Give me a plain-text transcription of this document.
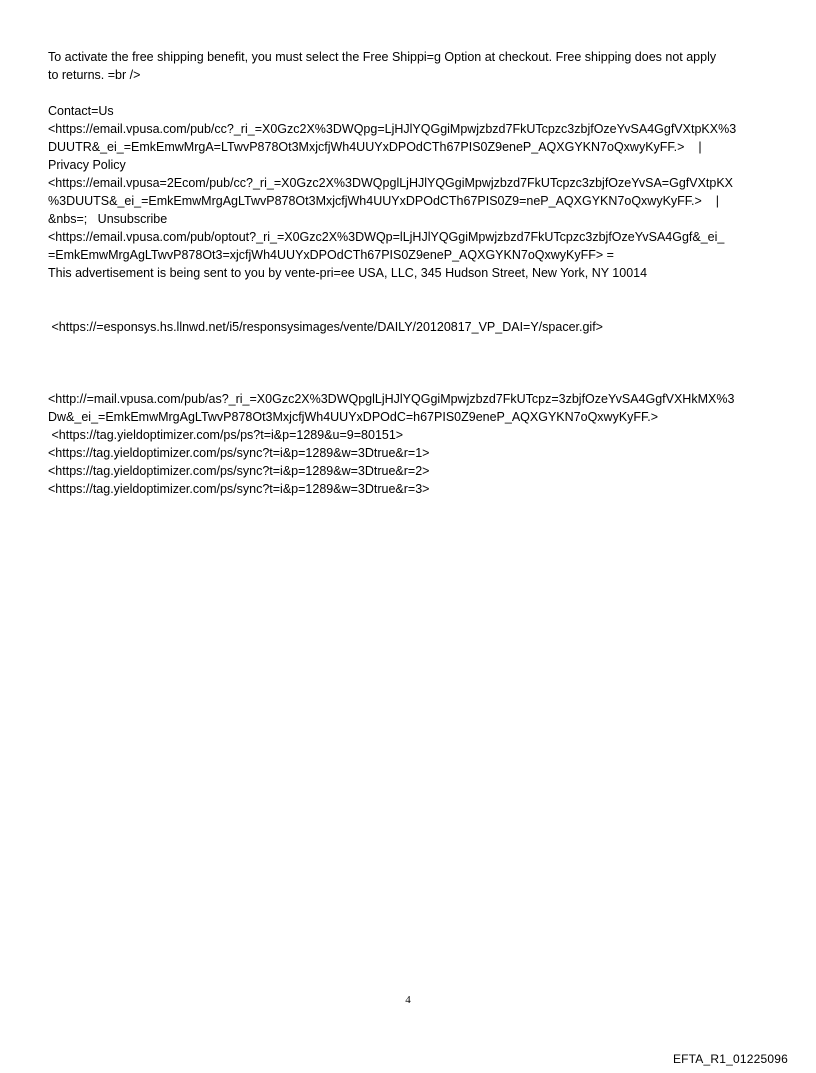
To activate the free shipping benefit, you must select the Free Shippi=g Option at checkout. Free shipping does not apply
to returns. =br />
Contact=Us
<https://email.vpusa.com/pub/cc?_ri_=X0Gzc2X%3DWQpg=LjHJlYQGgiMpwjzbzd7FkUTcpzc3zbjfOzeYvSA4GgfVXtpKX%3
DUUTR&_ei_=EmkEmwMrgA=LTwvP878Ot3MxjcfjWh4UUYxDPOdCTh67PIS0Z9eneP_AQXGYKN7oQxwyKyFF.>    |
Privacy Policy
<https://email.vpusa=2Ecom/pub/cc?_ri_=X0Gzc2X%3DWQpglLjHJlYQGgiMpwjzbzd7FkUTcpzc3zbjfOzeYvSA=GgfVXtpKX
%3DUUTS&_ei_=EmkEmwMrgAgLTwvP878Ot3MxjcfjWh4UUYxDPOdCTh67PIS0Z9=neP_AQXGYKN7oQxwyKyFF.>    |
&nbs=;   Unsubscribe
<https://email.vpusa.com/pub/optout?_ri_=X0Gzc2X%3DWQp=lLjHJlYQGgiMpwjzbzd7FkUTcpzc3zbjfOzeYvSA4Ggf&_ei_
=EmkEmwMrgAgLTwvP878Ot3=xjcfjWh4UUYxDPOdCTh67PIS0Z9eneP_AQXGYKN7oQxwyKyFF> =
This advertisement is being sent to you by vente-pri=ee USA, LLC, 345 Hudson Street, New York, NY 10014
<https://=esponsys.hs.llnwd.net/i5/responsysimages/vente/DAILY/20120817_VP_DAI=Y/spacer.gif>
<http://=mail.vpusa.com/pub/as?_ri_=X0Gzc2X%3DWQpglLjHJlYQGgiMpwjzbzd7FkUTcpz=3zbjfOzeYvSA4GgfVXHkMX%3
Dw&_ei_=EmkEmwMrgAgLTwvP878Ot3MxjcfjWh4UUYxDPOdC=h67PIS0Z9eneP_AQXGYKN7oQxwyKyFF.>
<https://tag.yieldoptimizer.com/ps/ps?t=i&p=1289&u=9=80151>
<https://tag.yieldoptimizer.com/ps/sync?t=i&p=1289&w=3Dtrue&r=1>
<https://tag.yieldoptimizer.com/ps/sync?t=i&p=1289&w=3Dtrue&r=2>
<https://tag.yieldoptimizer.com/ps/sync?t=i&p=1289&w=3Dtrue&r=3>
4
EFTA_R1_01225096
